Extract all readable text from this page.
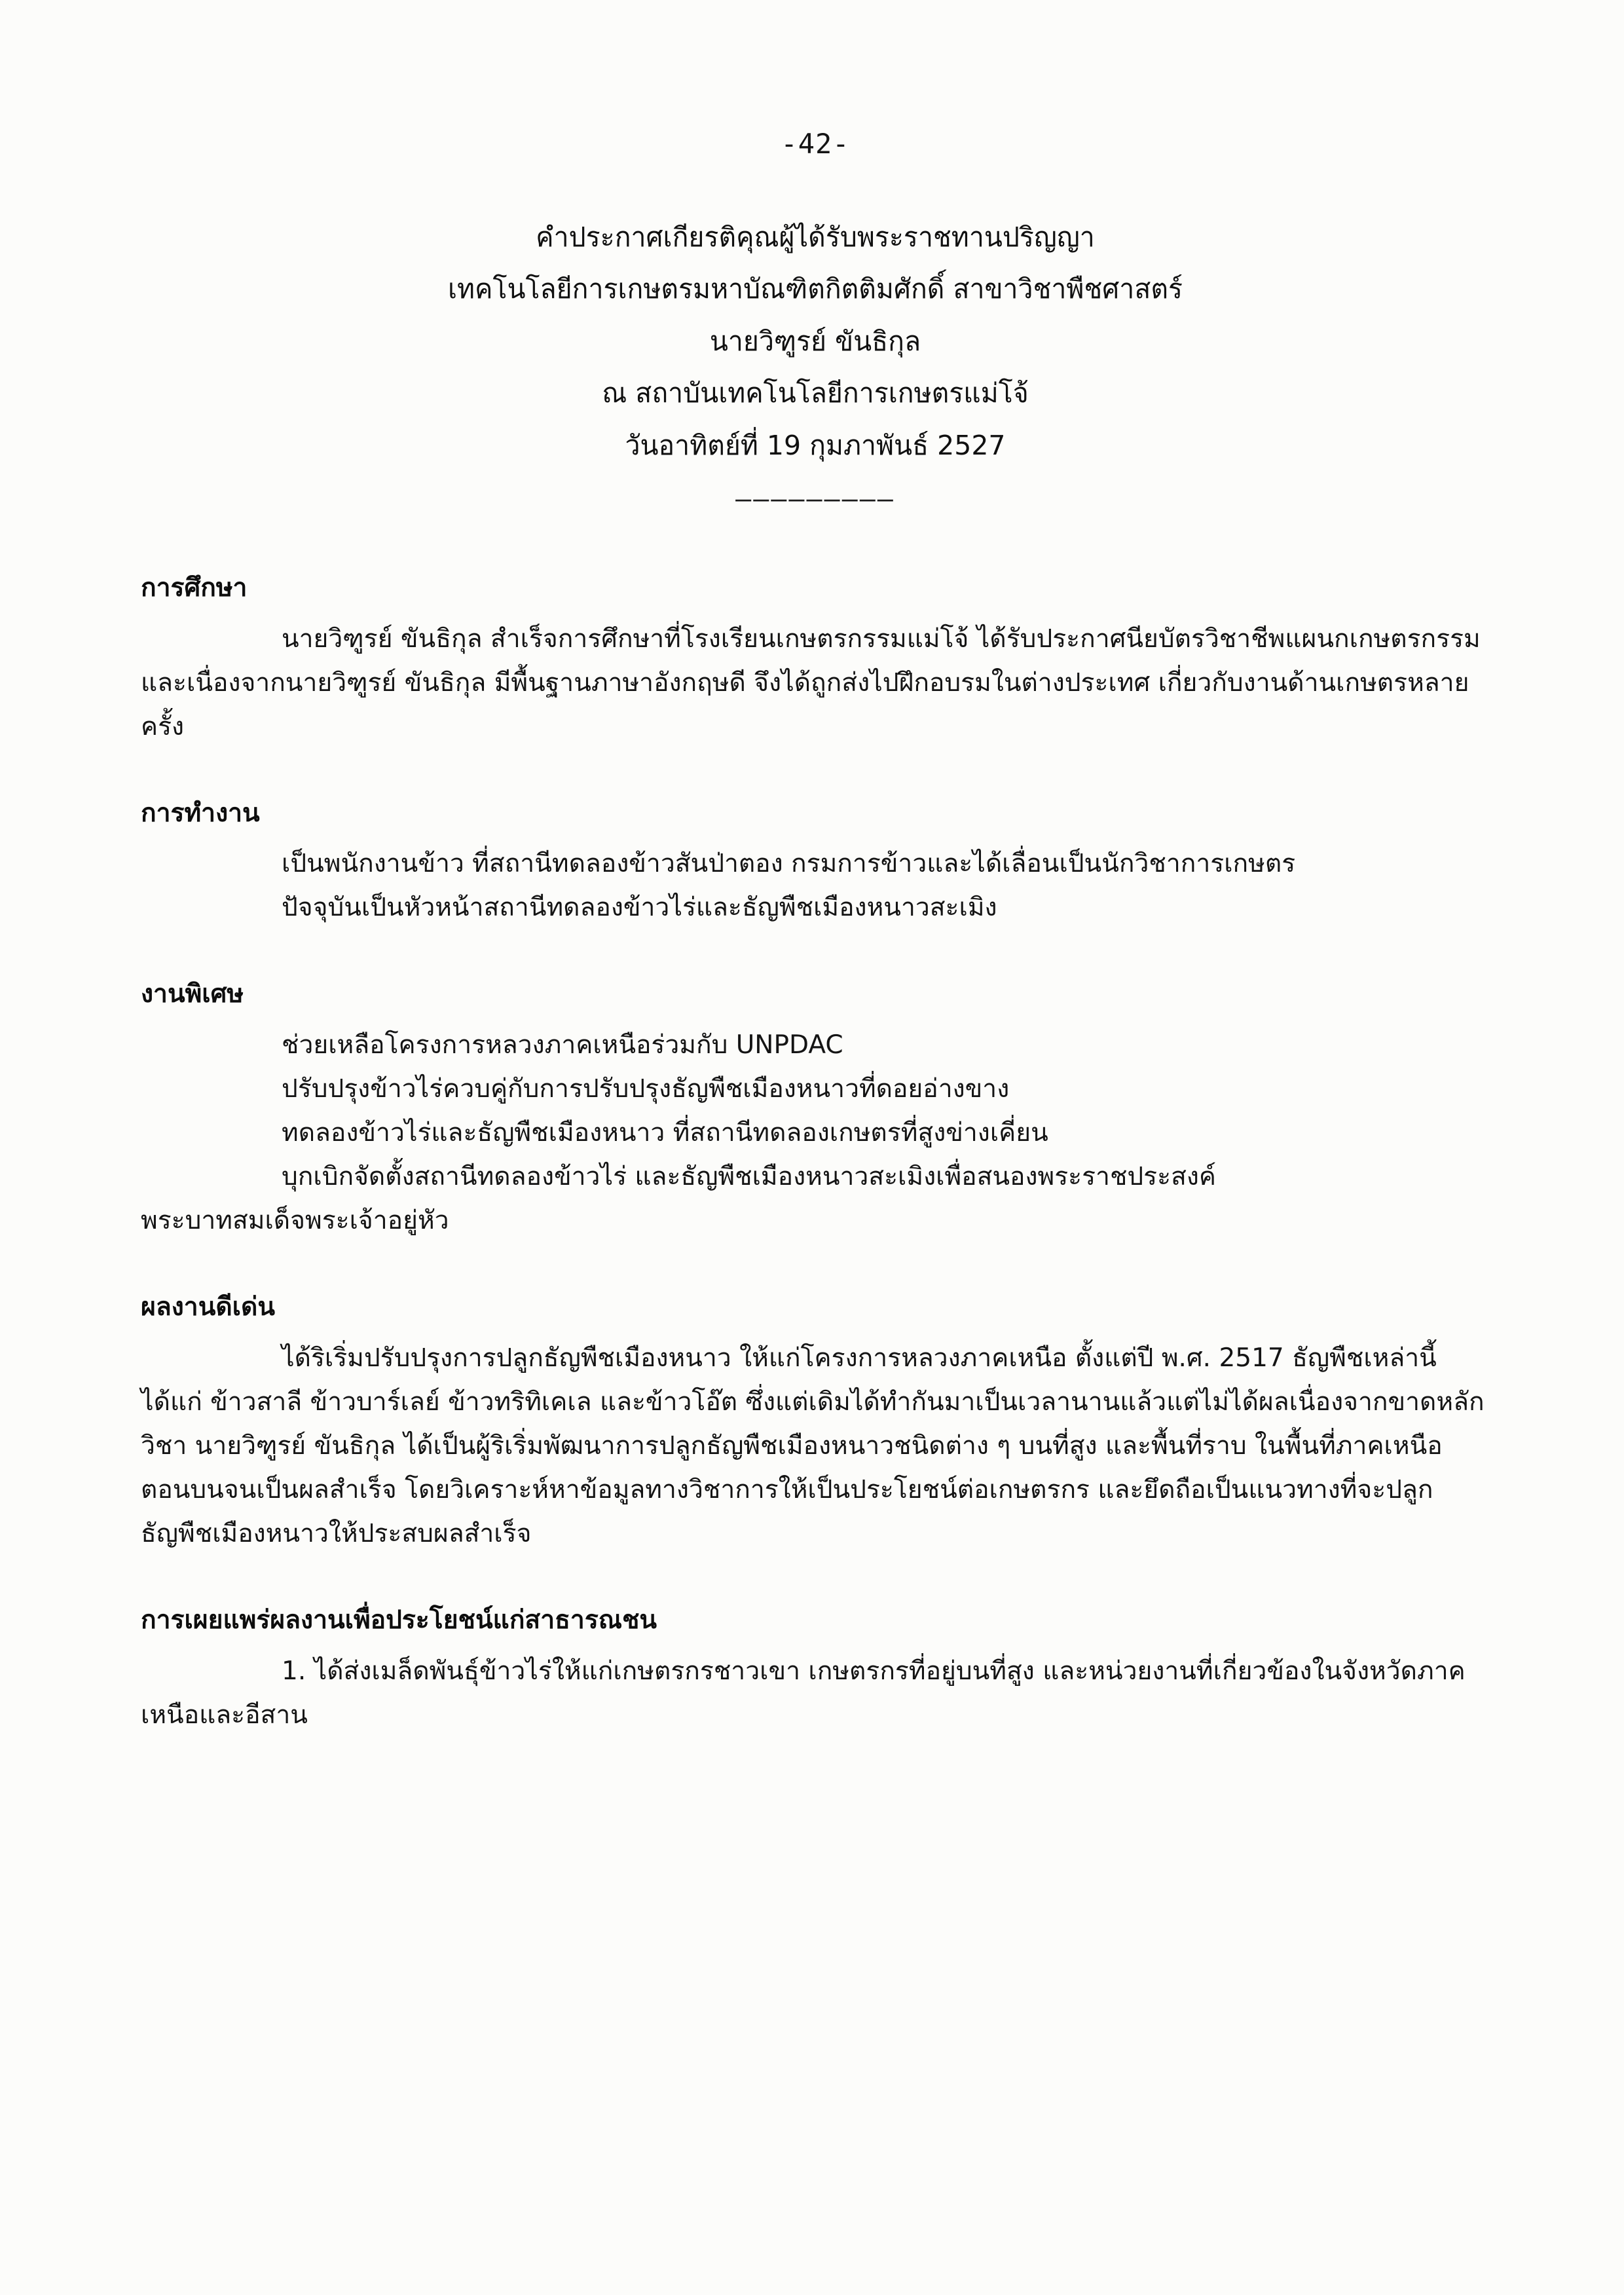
-42-
คำประกาศเกียรติคุณผู้ได้รับพระราชทานปริญญา
เทคโนโลยีการเกษตรมหาบัณฑิตกิตติมศักดิ์ สาขาวิชาพืชศาสตร์
นายวิฑูรย์ ขันธิกุล
ณ สถาบันเทคโนโลยีการเกษตรแม่โจ้
วันอาทิตย์ที่ 19 กุมภาพันธ์ 2527
—————————
การศึกษา

นายวิฑูรย์ ขันธิกุล สำเร็จการศึกษาที่โรงเรียนเกษตรกรรมแม่โจ้ ได้รับประกาศนียบัตรวิชาชีพแผนกเกษตรกรรม และเนื่องจากนายวิฑูรย์ ขันธิกุล มีพื้นฐานภาษาอังกฤษดี จึงได้ถูกส่งไปฝึกอบรมในต่างประเทศ เกี่ยวกับงานด้านเกษตรหลายครั้ง

การทำงาน
เป็นพนักงานข้าว ที่สถานีทดลองข้าวสันป่าตอง กรมการข้าวและได้เลื่อนเป็นนักวิชาการเกษตร
ปัจจุบันเป็นหัวหน้าสถานีทดลองข้าวไร่และธัญพืชเมืองหนาวสะเมิง
งานพิเศษ
ช่วยเหลือโครงการหลวงภาคเหนือร่วมกับ UNPDAC
ปรับปรุงข้าวไร่ควบคู่กับการปรับปรุงธัญพืชเมืองหนาวที่ดอยอ่างขาง
ทดลองข้าวไร่และธัญพืชเมืองหนาว ที่สถานีทดลองเกษตรที่สูงข่างเคี่ยน
บุกเบิกจัดตั้งสถานีทดลองข้าวไร่ และธัญพืชเมืองหนาวสะเมิงเพื่อสนองพระราชประสงค์

พระบาทสมเด็จพระเจ้าอยู่หัว

ผลงานดีเด่น

ได้ริเริ่มปรับปรุงการปลูกธัญพืชเมืองหนาว ให้แก่โครงการหลวงภาคเหนือ ตั้งแต่ปี พ.ศ. 2517 ธัญพืชเหล่านี้ได้แก่ ข้าวสาลี ข้าวบาร์เลย์ ข้าวทริทิเคเล และข้าวโอ๊ต ซึ่งแต่เดิมได้ทำกันมาเป็นเวลานานแล้วแต่ไม่ได้ผลเนื่องจากขาดหลักวิชา นายวิฑูรย์ ขันธิกุล ได้เป็นผู้ริเริ่มพัฒนาการปลูกธัญพืชเมืองหนาวชนิดต่าง ๆ บนที่สูง และพื้นที่ราบ ในพื้นที่ภาคเหนือตอนบนจนเป็นผลสำเร็จ โดยวิเคราะห์หาข้อมูลทางวิชาการให้เป็นประโยชน์ต่อเกษตรกร และยึดถือเป็นแนวทางที่จะปลูกธัญพืชเมืองหนาวให้ประสบผลสำเร็จ

การเผยแพร่ผลงานเพื่อประโยชน์แก่สาธารณชน

1. ได้ส่งเมล็ดพันธุ์ข้าวไร่ให้แก่เกษตรกรชาวเขา เกษตรกรที่อยู่บนที่สูง และหน่วยงานที่เกี่ยวข้องในจังหวัดภาคเหนือและอีสาน
